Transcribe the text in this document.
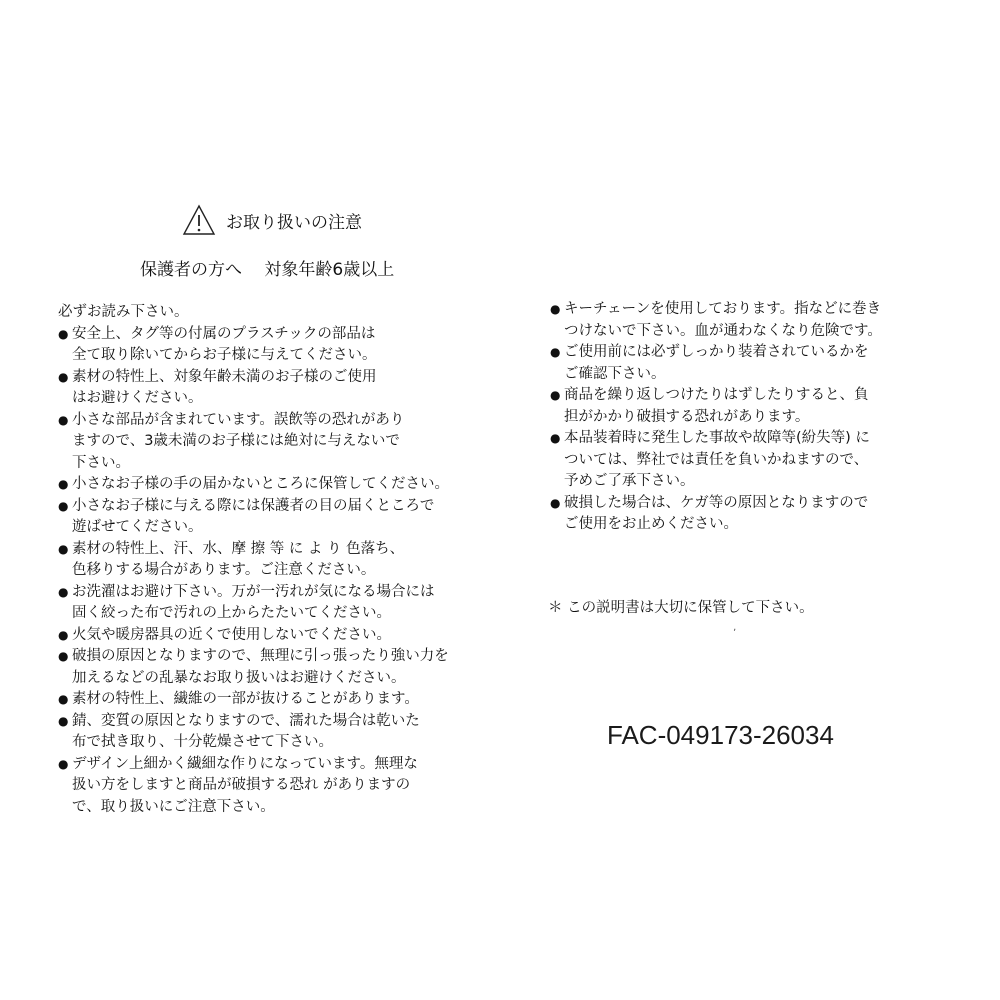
お取り扱いの注意
保護者の方へ　 対象年齢6歳以上
必ずお読み下さい。
● 安全上、タグ等の付属のプラスチックの部品は
全て取り除いてからお子様に与えてください。
● 素材の特性上、対象年齢未満のお子様のご使用
はお避けください。
● 小さな部品が含まれています。誤飲等の恐れがあり
ますので、3歳未満のお子様には絶対に与えないで
下さい。
● 小さなお子様の手の届かないところに保管してください。
● 小さなお子様に与える際には保護者の目の届くところで
遊ばせてください。
● 素材の特性上、汗、水、摩 擦 等 に よ り 色落ち、
色移りする場合があります。ご注意ください。
● お洗濯はお避け下さい。万が一汚れが気になる場合には
固く絞った布で汚れの上からたたいてください。
● 火気や暖房器具の近くで使用しないでください。
● 破損の原因となりますので、無理に引っ張ったり強い力を
加えるなどの乱暴なお取り扱いはお避けください。
● 素材の特性上、繊維の一部が抜けることがあります。
● 錆、変質の原因となりますので、濡れた場合は乾いた
布で拭き取り、十分乾燥させて下さい。
● デザイン上細かく繊細な作りになっています。無理な
扱い方をしますと商品が破損する恐れ がありますの
で、取り扱いにご注意下さい。
● キーチェーンを使用しております。指などに巻き
つけないで下さい。血が通わなくなり危険です。
● ご使用前には必ずしっかり装着されているかを
ご確認下さい。
● 商品を繰り返しつけたりはずしたりすると、負
担がかかり破損する恐れがあります。
● 本品装着時に発生した事故や故障等(紛失等) に
ついては、弊社では責任を負いかねますので、
予めご了承下さい。
● 破損した場合は、ケガ等の原因となりますので
ご使用をお止めください。
＊ この説明書は大切に保管して下さい。
ʼ
FAC-049173-26034
